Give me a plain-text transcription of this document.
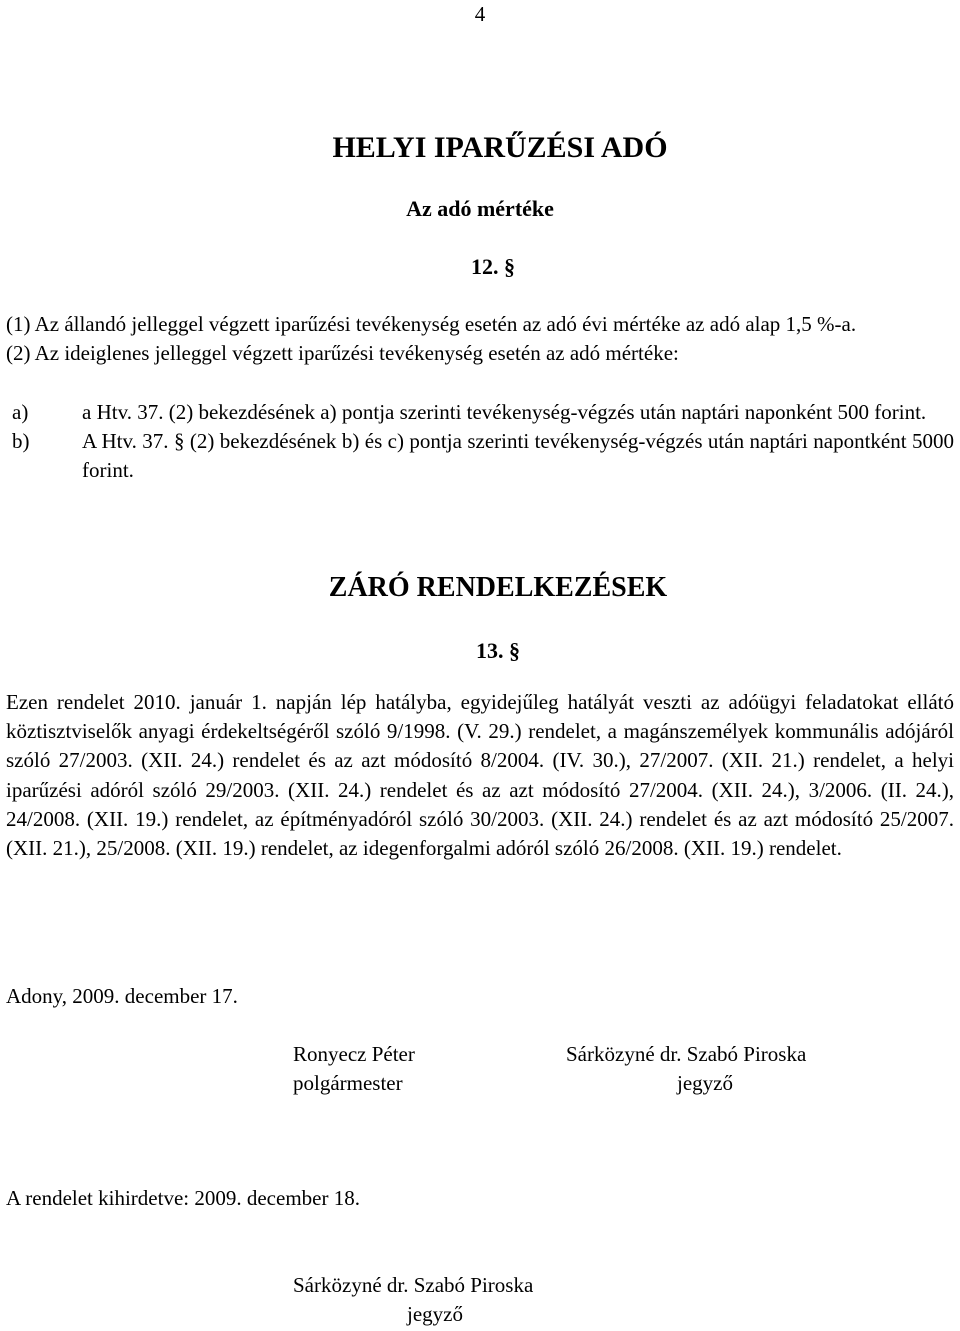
4
HELYI IPARŰZÉSI ADÓ
Az adó mértéke
12. §

(1) Az állandó jelleggel végzett iparűzési tevékenység esetén az adó évi mértéke az adó alap 1,5 %-a.

(2) Az ideiglenes jelleggel végzett iparűzési tevékenység esetén az adó mértéke:

a)	a Htv. 37. (2) bekezdésének a) pontja szerinti tevékenység-végzés után naptári naponként 500 forint.
b)	A Htv. 37. § (2) bekezdésének b) és c) pontja szerinti tevékenység-végzés után naptári napontként 5000 forint.
ZÁRÓ RENDELKEZÉSEK
13. §

Ezen rendelet 2010. január 1. napján lép hatályba, egyidejűleg hatályát veszti az adóügyi feladatokat ellátó köztisztviselők anyagi érdekeltségéről szóló 9/1998. (V. 29.) rendelet, a magánszemélyek kommunális adójáról szóló 27/2003. (XII. 24.) rendelet és az azt módosító 8/2004. (IV. 30.), 27/2007. (XII. 21.) rendelet, a helyi iparűzési adóról szóló 29/2003. (XII. 24.) rendelet és az azt módosító 27/2004. (XII. 24.), 3/2006. (II. 24.), 24/2008. (XII. 19.) rendelet, az építményadóról szóló 30/2003. (XII. 24.) rendelet és az azt módosító 25/2007. (XII. 21.), 25/2008. (XII. 19.) rendelet, az idegenforgalmi adóról szóló 26/2008. (XII. 19.) rendelet.

Adony, 2009. december 17.
Ronyecz Péter
polgármester
Sárközyné dr. Szabó Piroska
jegyző
A rendelet kihirdetve: 2009. december 18.
Sárközyné dr. Szabó Piroska
jegyző
